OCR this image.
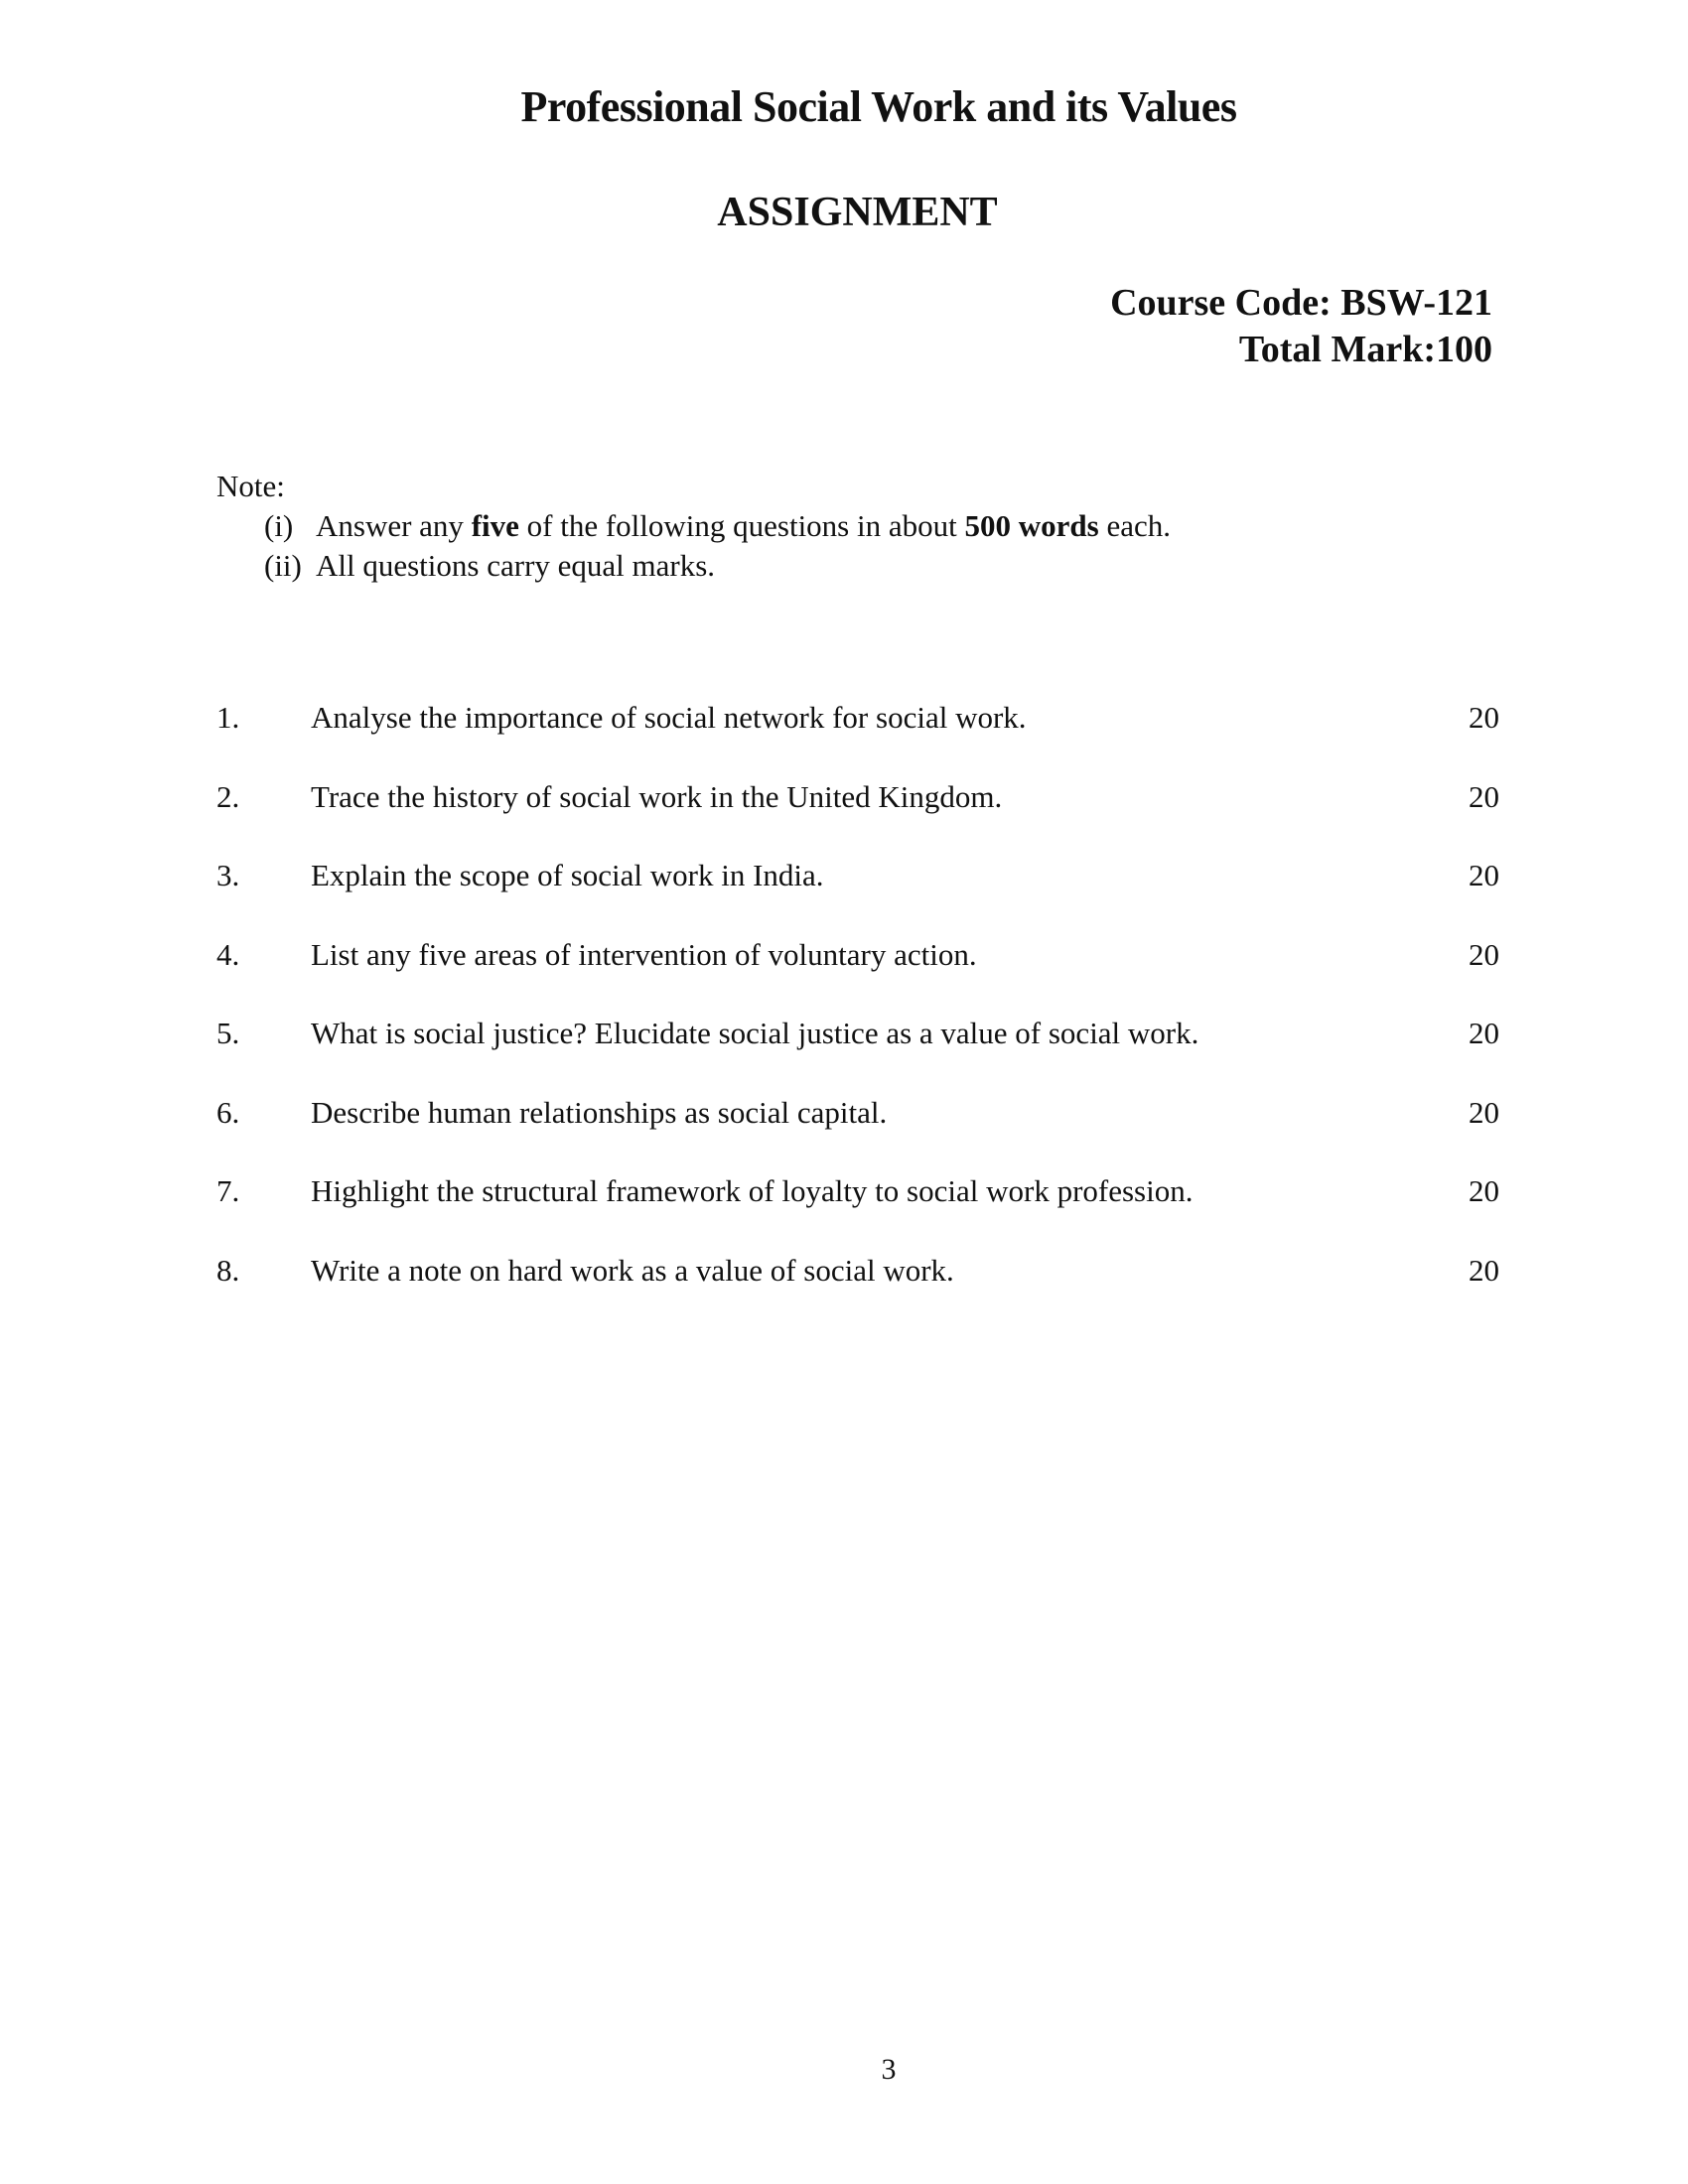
Professional Social Work and its Values
ASSIGNMENT
Course Code: BSW-121
Total Mark:100
Note:
(i) Answer any five of the following questions in about 500 words each.
(ii) All questions carry equal marks.
1.	Analyse the importance of social network for social work.	20
2.	Trace the history of social work in the United Kingdom.	20
3.	Explain the scope of social work in India.	20
4.	List any five areas of intervention of voluntary action.	20
5.	What is social justice? Elucidate social justice as a value of social work.	20
6.	Describe human relationships as social capital.	20
7.	Highlight the structural framework of loyalty to social work profession.	20
8.	Write a note on hard work as a value of social work.	20
3
